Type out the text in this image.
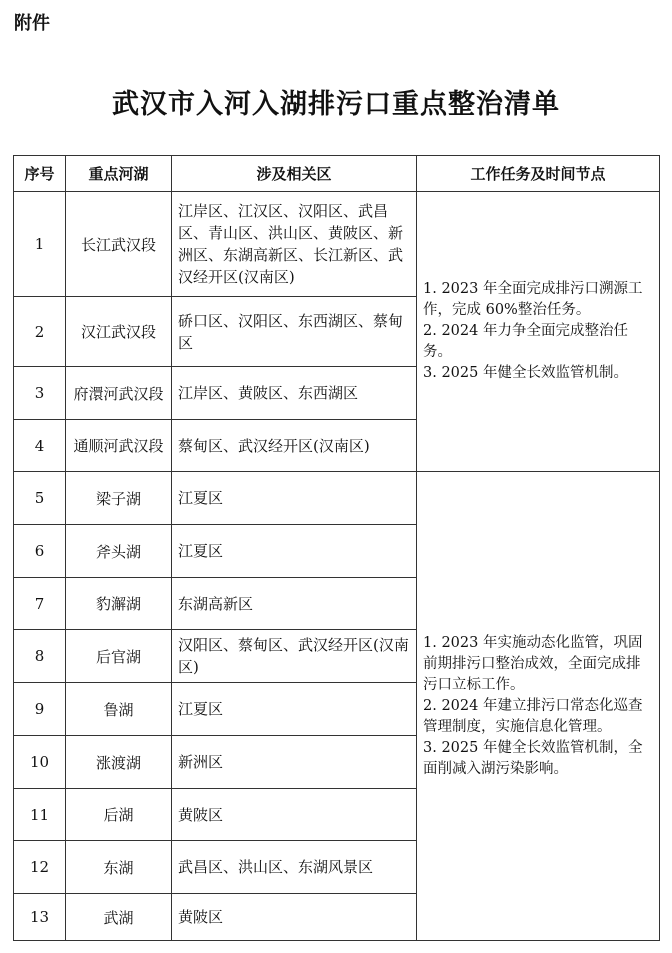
附件
武汉市入河入湖排污口重点整治清单
序号	重点河湖	涉及相关区	工作任务及时间节点
1	长江武汉段	江岸区、江汉区、汉阳区、武昌区、青山区、洪山区、黄陂区、新洲区、东湖高新区、长江新区、武汉经开区(汉南区)	1. 2023 年全面完成排污口溯源工作，完成 60%整治任务。
2. 2024 年力争全面完成整治任务。
3. 2025 年健全长效监管机制。

2	汉江武汉段	硚口区、汉阳区、东西湖区、蔡甸区	
3	府澴河武汉段	江岸区、黄陂区、东西湖区	
4	通顺河武汉段	蔡甸区、武汉经开区(汉南区)	
5	梁子湖	江夏区	1. 2023 年实施动态化监管，巩固前期排污口整治成效，全面完成排污口立标工作。
2. 2024 年建立排污口常态化巡查管理制度，实施信息化管理。
3. 2025 年健全长效监管机制，全面削减入湖污染影响。

6	斧头湖	江夏区	
7	豹澥湖	东湖高新区	
8	后官湖	汉阳区、蔡甸区、武汉经开区(汉南区)	
9	鲁湖	江夏区	
10	涨渡湖	新洲区	
11	后湖	黄陂区	
12	东湖	武昌区、洪山区、东湖风景区	
13	武湖	黄陂区	
